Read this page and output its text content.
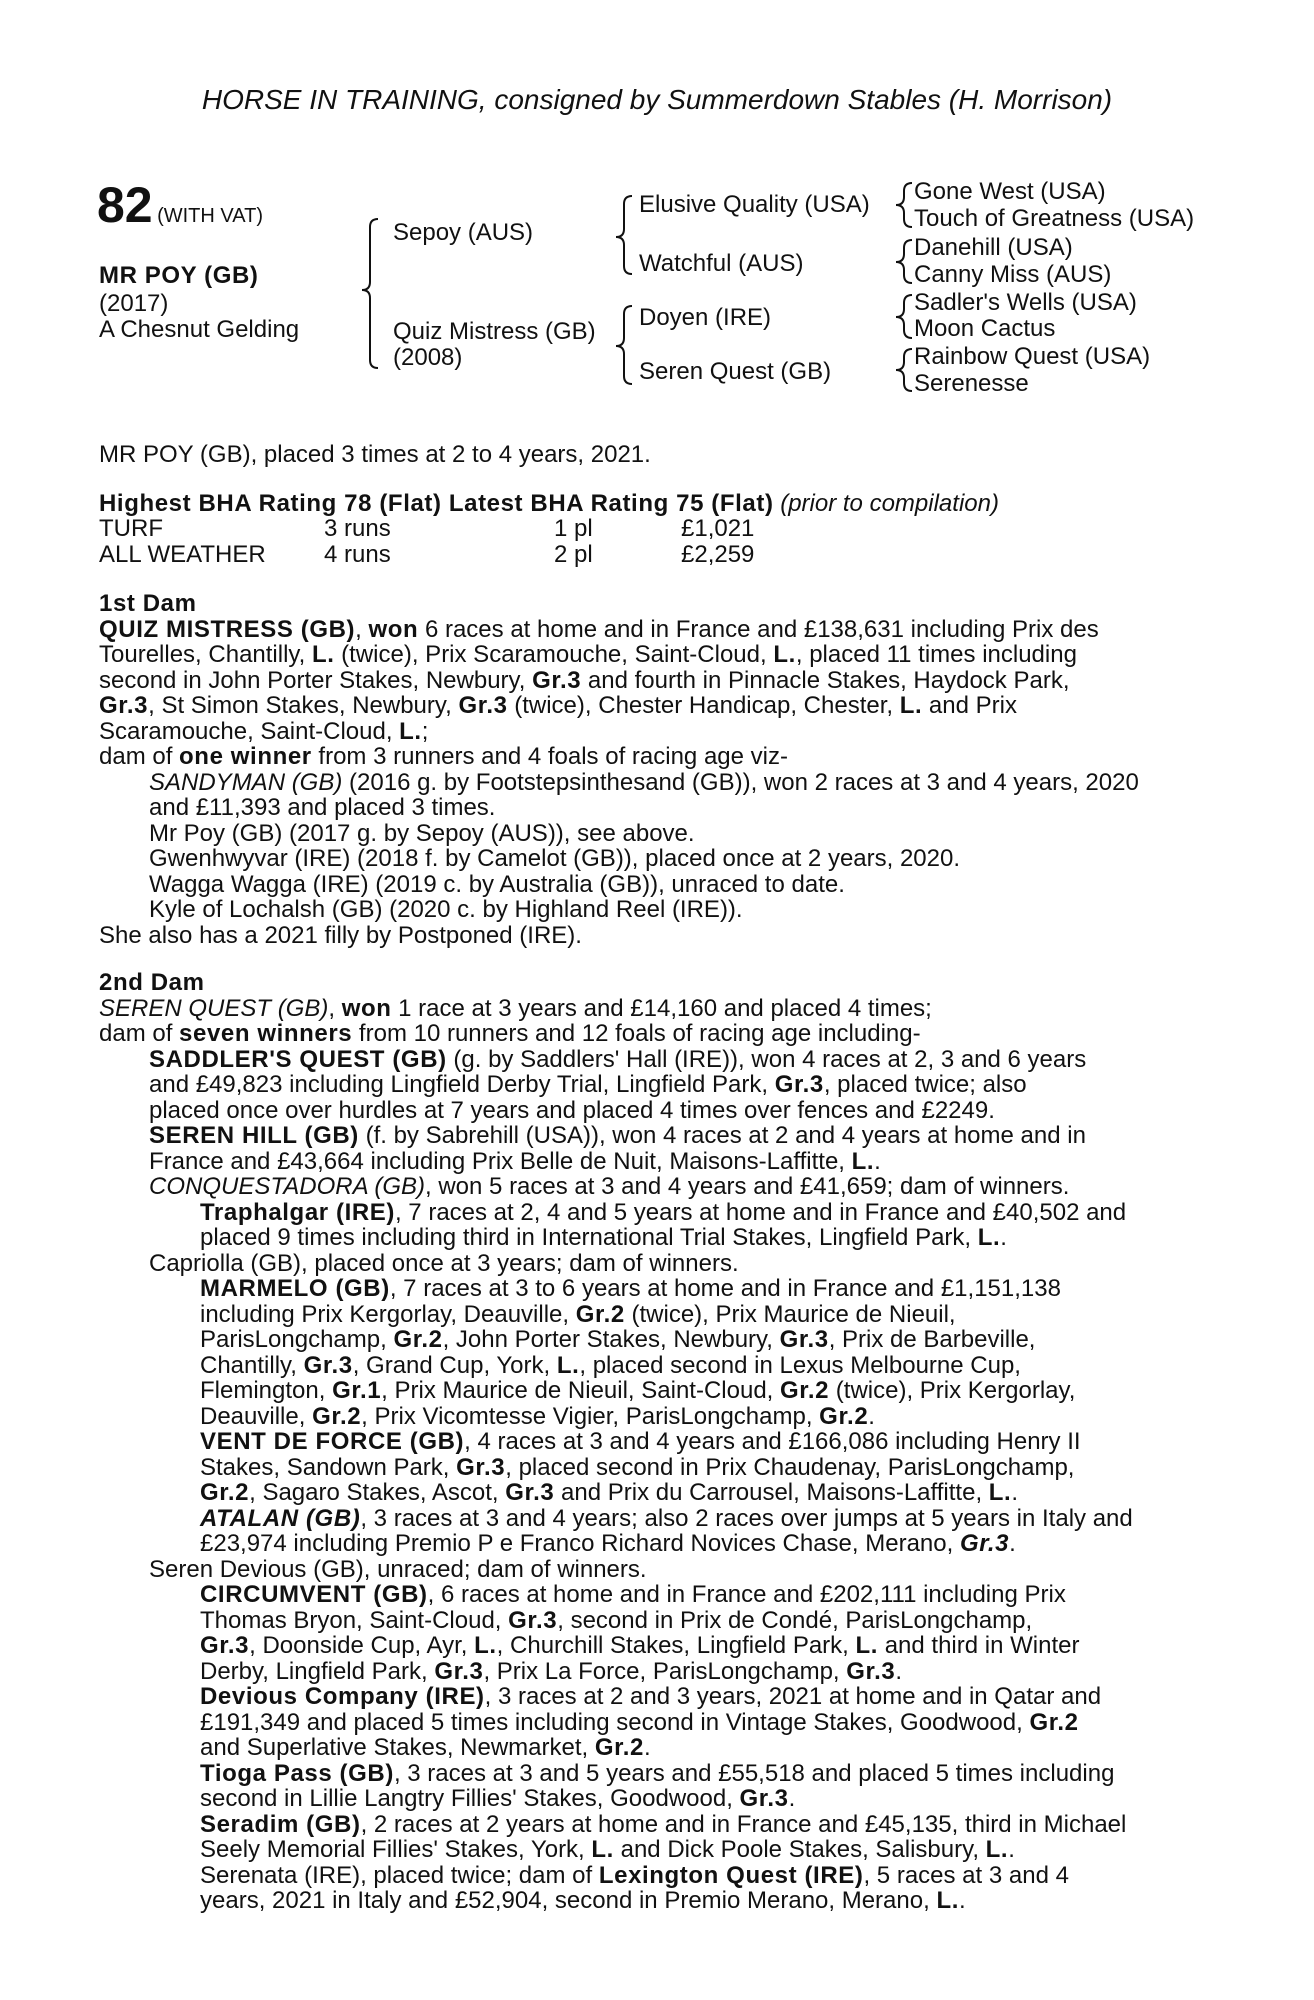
HORSE IN TRAINING, consigned by Summerdown Stables (H. Morrison)
82 (WITH VAT)
MR POY (GB)
(2017)
A Chesnut Gelding
Sepoy (AUS)
Quiz Mistress (GB)
(2008)
Elusive Quality (USA)
Watchful (AUS)
Doyen (IRE)
Seren Quest (GB)
Gone West (USA)
Touch of Greatness (USA)
Danehill (USA)
Canny Miss (AUS)
Sadler's Wells (USA)
Moon Cactus
Rainbow Quest (USA)
Serenesse
MR POY (GB), placed 3 times at 2 to 4 years, 2021.
Highest BHA Rating 78 (Flat) Latest BHA Rating 75 (Flat) (prior to compilation)
TURF	3 runs	1 pl	£1,021
ALL WEATHER 4 runs	2 pl	£2,259
1st Dam
QUIZ MISTRESS (GB), won 6 races at home and in France and £138,631 including Prix des
Tourelles, Chantilly, L. (twice), Prix Scaramouche, Saint-Cloud, L., placed 11 times including
second in John Porter Stakes, Newbury, Gr.3 and fourth in Pinnacle Stakes, Haydock Park,
Gr.3, St Simon Stakes, Newbury, Gr.3 (twice), Chester Handicap, Chester, L. and Prix
Scaramouche, Saint-Cloud, L.;
dam of one winner from 3 runners and 4 foals of racing age viz-
SANDYMAN (GB) (2016 g. by Footstepsinthesand (GB)), won 2 races at 3 and 4 years, 2020
and £11,393 and placed 3 times.
Mr Poy (GB) (2017 g. by Sepoy (AUS)), see above.
Gwenhwyvar (IRE) (2018 f. by Camelot (GB)), placed once at 2 years, 2020.
Wagga Wagga (IRE) (2019 c. by Australia (GB)), unraced to date.
Kyle of Lochalsh (GB) (2020 c. by Highland Reel (IRE)).
She also has a 2021 filly by Postponed (IRE).
2nd Dam
SEREN QUEST (GB), won 1 race at 3 years and £14,160 and placed 4 times;
dam of seven winners from 10 runners and 12 foals of racing age including-
SADDLER'S QUEST (GB) (g. by Saddlers' Hall (IRE)), won 4 races at 2, 3 and 6 years
and £49,823 including Lingfield Derby Trial, Lingfield Park, Gr.3, placed twice; also
placed once over hurdles at 7 years and placed 4 times over fences and £2249.
SEREN HILL (GB) (f. by Sabrehill (USA)), won 4 races at 2 and 4 years at home and in
France and £43,664 including Prix Belle de Nuit, Maisons-Laffitte, L..
CONQUESTADORA (GB), won 5 races at 3 and 4 years and £41,659; dam of winners.
Traphalgar (IRE), 7 races at 2, 4 and 5 years at home and in France and £40,502 and
placed 9 times including third in International Trial Stakes, Lingfield Park, L..
Capriolla (GB), placed once at 3 years; dam of winners.
MARMELO (GB), 7 races at 3 to 6 years at home and in France and £1,151,138
including Prix Kergorlay, Deauville, Gr.2 (twice), Prix Maurice de Nieuil,
ParisLongchamp, Gr.2, John Porter Stakes, Newbury, Gr.3, Prix de Barbeville,
Chantilly, Gr.3, Grand Cup, York, L., placed second in Lexus Melbourne Cup,
Flemington, Gr.1, Prix Maurice de Nieuil, Saint-Cloud, Gr.2 (twice), Prix Kergorlay,
Deauville, Gr.2, Prix Vicomtesse Vigier, ParisLongchamp, Gr.2.
VENT DE FORCE (GB), 4 races at 3 and 4 years and £166,086 including Henry II
Stakes, Sandown Park, Gr.3, placed second in Prix Chaudenay, ParisLongchamp,
Gr.2, Sagaro Stakes, Ascot, Gr.3 and Prix du Carrousel, Maisons-Laffitte, L..
ATALAN (GB), 3 races at 3 and 4 years; also 2 races over jumps at 5 years in Italy and
£23,974 including Premio P e Franco Richard Novices Chase, Merano, Gr.3.
Seren Devious (GB), unraced; dam of winners.
CIRCUMVENT (GB), 6 races at home and in France and £202,111 including Prix
Thomas Bryon, Saint-Cloud, Gr.3, second in Prix de Condé, ParisLongchamp,
Gr.3, Doonside Cup, Ayr, L., Churchill Stakes, Lingfield Park, L. and third in Winter
Derby, Lingfield Park, Gr.3, Prix La Force, ParisLongchamp, Gr.3.
Devious Company (IRE), 3 races at 2 and 3 years, 2021 at home and in Qatar and
£191,349 and placed 5 times including second in Vintage Stakes, Goodwood, Gr.2
and Superlative Stakes, Newmarket, Gr.2.
Tioga Pass (GB), 3 races at 3 and 5 years and £55,518 and placed 5 times including
second in Lillie Langtry Fillies' Stakes, Goodwood, Gr.3.
Seradim (GB), 2 races at 2 years at home and in France and £45,135, third in Michael
Seely Memorial Fillies' Stakes, York, L. and Dick Poole Stakes, Salisbury, L..
Serenata (IRE), placed twice; dam of Lexington Quest (IRE), 5 races at 3 and 4
years, 2021 in Italy and £52,904, second in Premio Merano, Merano, L..
